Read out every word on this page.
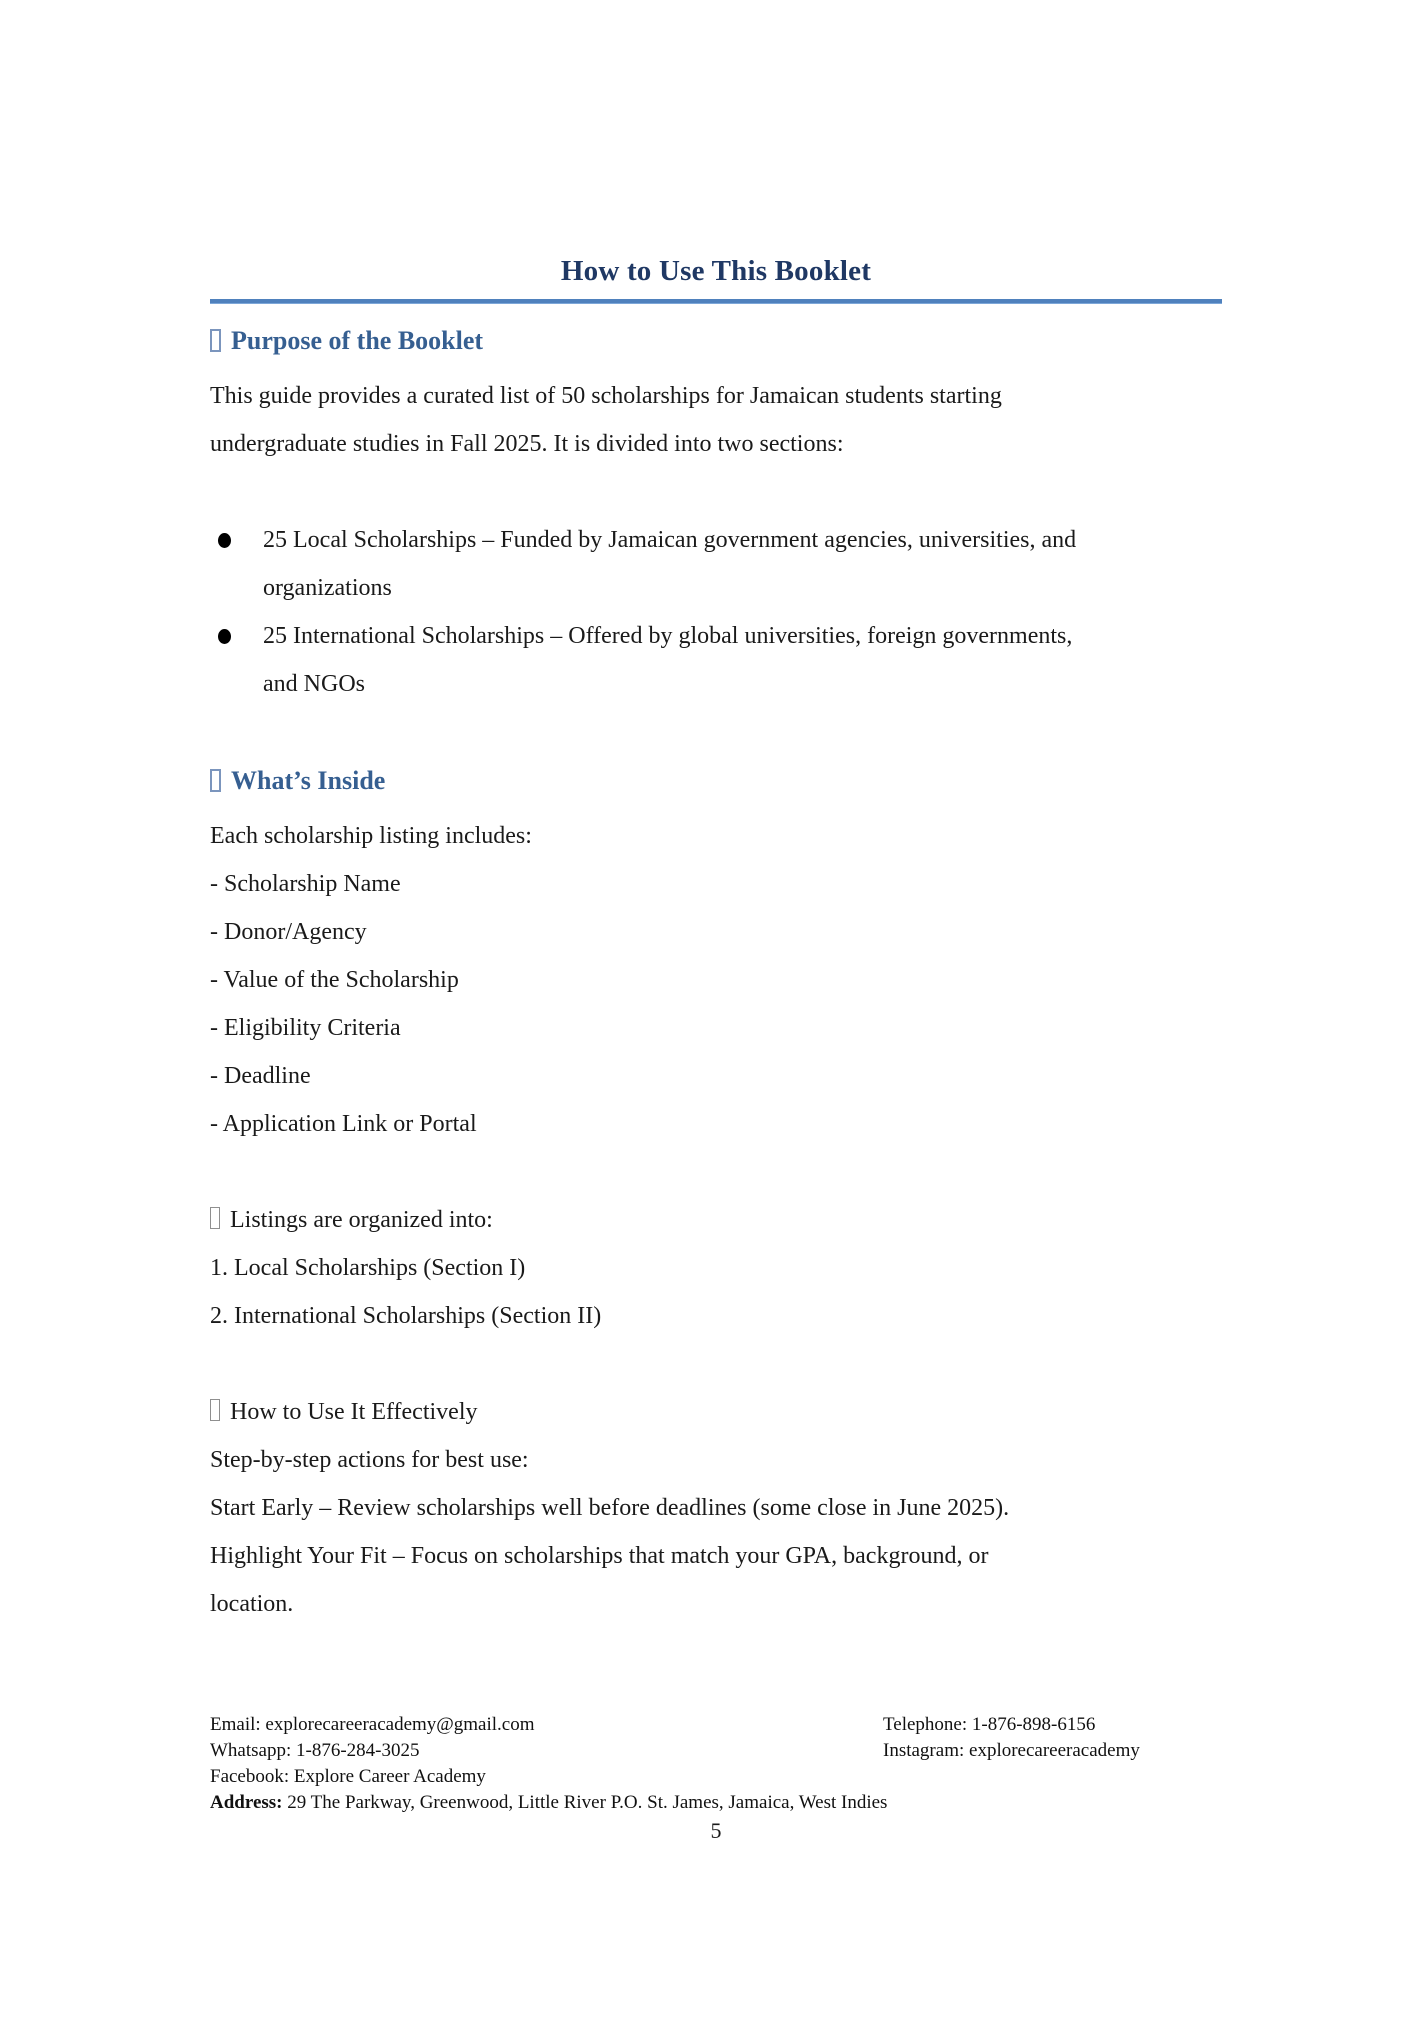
How to Use This Booklet
Purpose of the Booklet
This guide provides a curated list of 50 scholarships for Jamaican students starting
undergraduate studies in Fall 2025. It is divided into two sections:
25 Local Scholarships – Funded by Jamaican government agencies, universities, and
organizations
25 International Scholarships – Offered by global universities, foreign governments,
and NGOs
What’s Inside
Each scholarship listing includes:
- Scholarship Name
- Donor/Agency
- Value of the Scholarship
- Eligibility Criteria
- Deadline
- Application Link or Portal
Listings are organized into:
1. Local Scholarships (Section I)
2. International Scholarships (Section II)
How to Use It Effectively
Step-by-step actions for best use:
Start Early – Review scholarships well before deadlines (some close in June 2025).
Highlight Your Fit – Focus on scholarships that match your GPA, background, or
location.
Email: explorecareeracademy@gmail.com	Telephone: 1-876-898-6156
Whatsapp: 1-876-284-3025	Instagram: explorecareeracademy
Facebook: Explore Career Academy
Address: 29 The Parkway, Greenwood, Little River P.O. St. James, Jamaica, West Indies
5
